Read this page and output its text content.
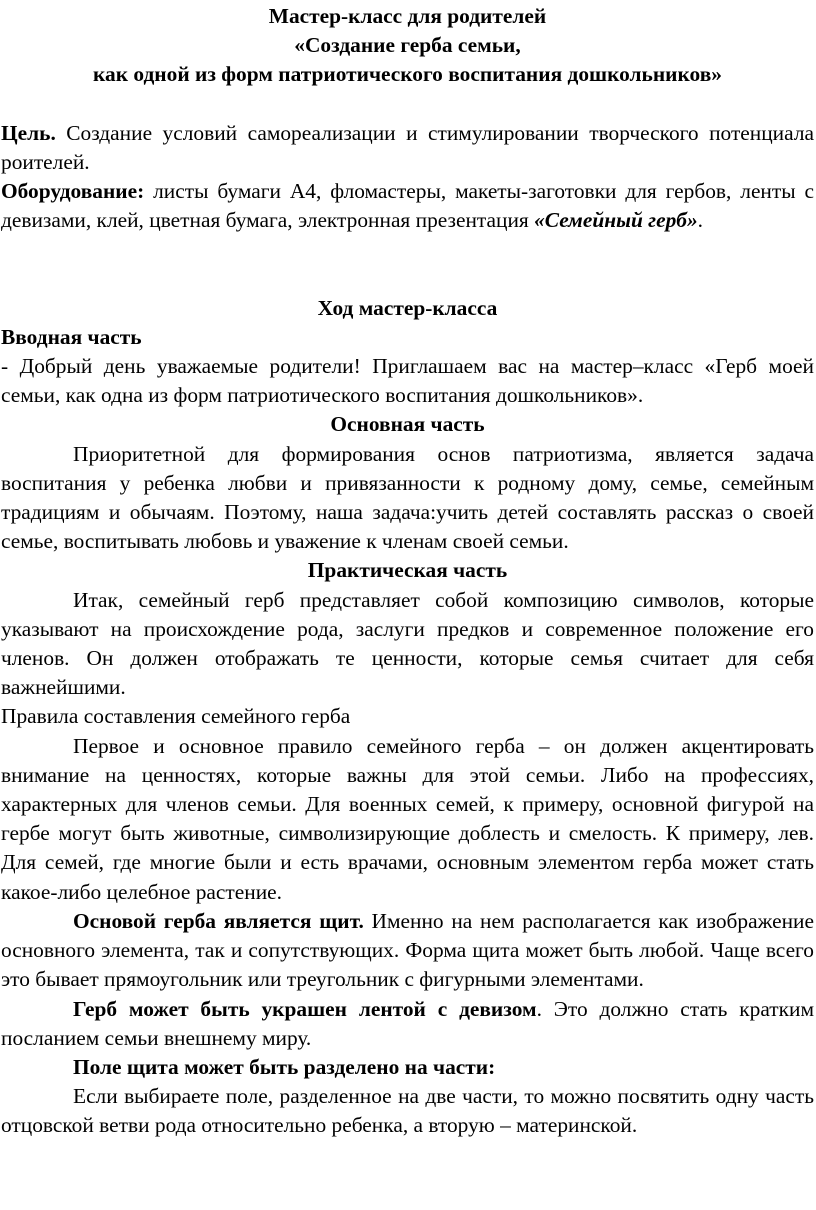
Мастер-класс для родителей

«Создание герба семьи,

как одной из форм патриотического воспитания дошкольников»

Цель. Создание условий самореализации и стимулировании творческого потенциала роителей.

Оборудование: листы бумаги А4, фломастеры, макеты-заготовки для гербов, ленты с девизами, клей, цветная бумага, электронная презентация «Семейный герб».

Ход мастер-класса

Вводная часть

- Добрый день уважаемые родители! Приглашаем вас на мастер–класс «Герб моей семьи, как одна из форм патриотического воспитания дошкольников».

Основная часть

Приоритетной для формирования основ патриотизма, является задача воспитания у ребенка любви и привязанности к родному дому, семье, семейным традициям и обычаям. Поэтому, наша задача:учить детей составлять рассказ о своей семье, воспитывать любовь и уважение к членам своей семьи.

Практическая часть

Итак, семейный герб представляет собой композицию символов, которые указывают на происхождение рода, заслуги предков и современное положение его членов. Он должен отображать те ценности, которые семья считает для себя важнейшими.

Правила составления семейного герба

Первое и основное правило семейного герба – он должен акцентировать внимание на ценностях, которые важны для этой семьи. Либо на профессиях, характерных для членов семьи. Для военных семей, к примеру, основной фигурой на гербе могут быть животные, символизирующие доблесть и смелость. К примеру, лев. Для семей, где многие были и есть врачами, основным элементом герба может стать какое-либо целебное растение.

Основой герба является щит. Именно на нем располагается как изображение основного элемента, так и сопутствующих. Форма щита может быть любой. Чаще всего это бывает прямоугольник или треугольник с фигурными элементами.

Герб может быть украшен лентой с девизом. Это должно стать кратким посланием семьи внешнему миру.

Поле щита может быть разделено на части:

Если выбираете поле, разделенное на две части, то можно посвятить одну часть отцовской ветви рода относительно ребенка, а вторую – материнской.
